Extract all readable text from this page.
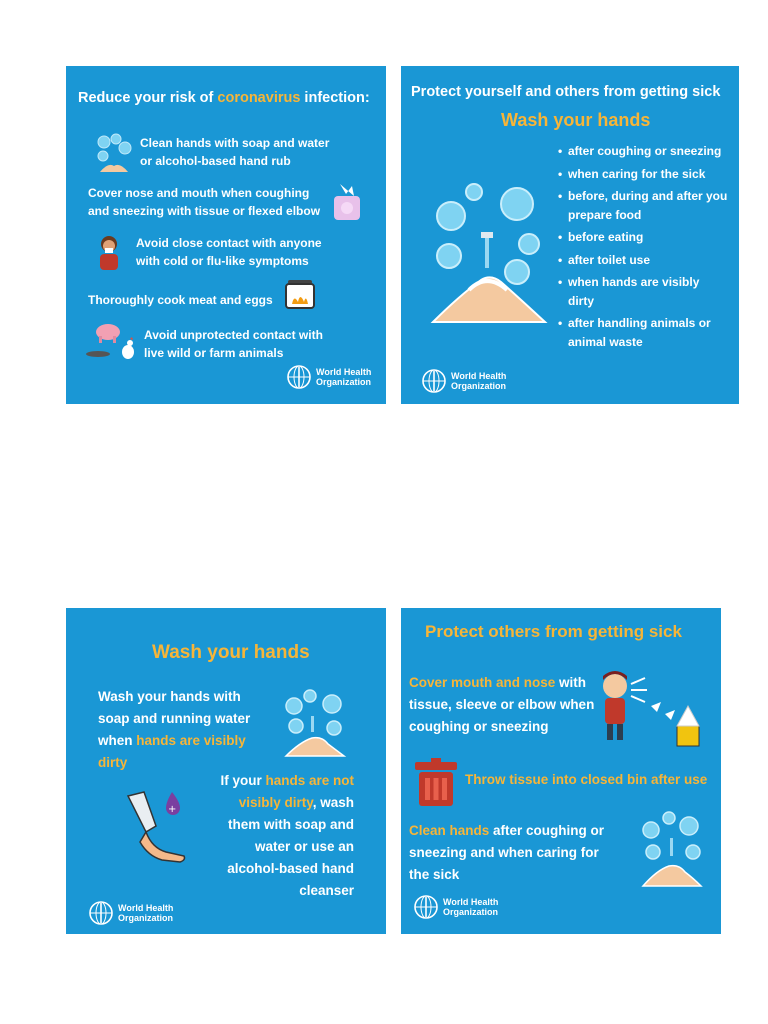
Reduce your risk of coronavirus infection:
Clean hands with soap and water or alcohol-based hand rub
Cover nose and mouth when coughing and sneezing with tissue or flexed elbow
Avoid close contact with anyone with cold or flu-like symptoms
Thoroughly cook meat and eggs
Avoid unprotected contact with live wild or farm animals
World Health
Organization
Protect yourself and others from getting sick
Wash your hands
• after coughing or sneezing
• when caring for the sick
• before, during and after you prepare food
• before eating
• after toilet use
• when hands are visibly dirty
• after handling animals or animal waste
World Health
Organization
Wash your hands
Wash your hands with soap and running water when hands are visibly dirty
If your hands are not visibly dirty, wash them with soap and water or use an alcohol-based hand cleanser
+
World Health
Organization
Protect others from getting sick
Cover mouth and nose with tissue, sleeve or elbow when coughing or sneezing
Throw tissue into closed bin after use
Clean hands after coughing or sneezing and when caring for the sick
World Health
Organization
